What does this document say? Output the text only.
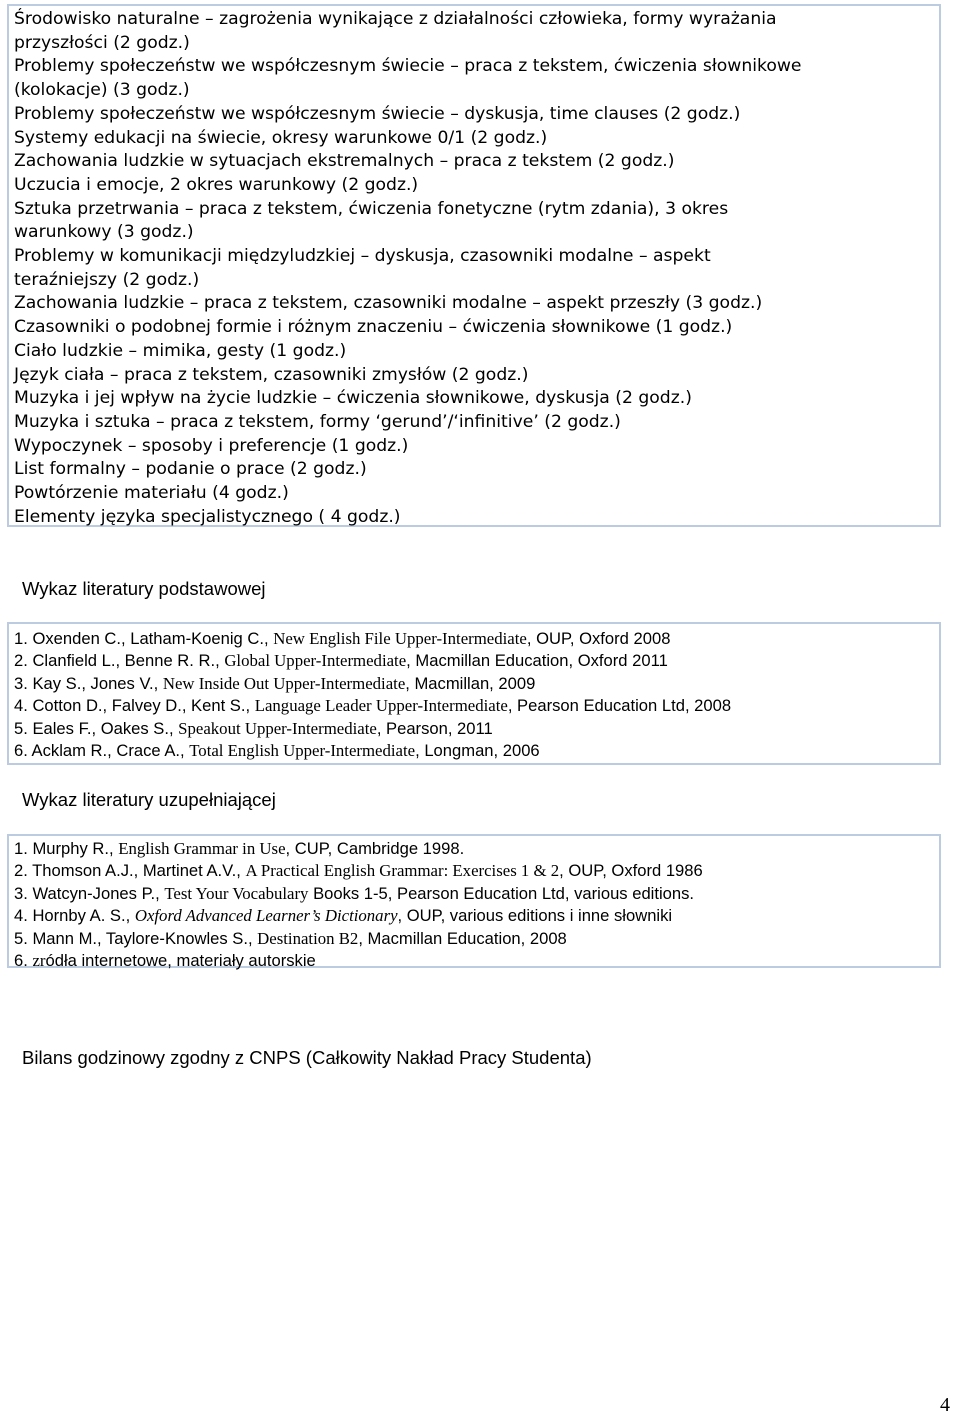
Środowisko naturalne – zagrożenia wynikające z działalności człowieka, formy wyrażania
przyszłości (2 godz.)
Problemy społeczeństw we współczesnym świecie – praca z tekstem, ćwiczenia słownikowe
(kolokacje) (3 godz.)
Problemy społeczeństw we współczesnym świecie – dyskusja, time clauses (2 godz.)
Systemy edukacji na świecie, okresy warunkowe 0/1 (2 godz.)
Zachowania ludzkie w sytuacjach ekstremalnych – praca z tekstem (2 godz.)
Uczucia i emocje, 2 okres warunkowy (2 godz.)
Sztuka przetrwania – praca z tekstem, ćwiczenia fonetyczne (rytm zdania), 3 okres
warunkowy (3 godz.)
Problemy w komunikacji międzyludzkiej – dyskusja, czasowniki modalne – aspekt
teraźniejszy (2 godz.)
Zachowania ludzkie – praca z tekstem, czasowniki modalne – aspekt przeszły (3 godz.)
Czasowniki o podobnej formie i różnym znaczeniu – ćwiczenia słownikowe (1 godz.)
Ciało ludzkie – mimika, gesty (1 godz.)
Język ciała – praca z tekstem, czasowniki zmysłów (2 godz.)
Muzyka i jej wpływ na życie ludzkie – ćwiczenia słownikowe, dyskusja (2 godz.)
Muzyka i sztuka – praca z tekstem, formy ‘gerund’/‘infinitive’ (2 godz.)
Wypoczynek – sposoby i preferencje (1 godz.)
List formalny – podanie o prace (2 godz.)
Powtórzenie materiału (4 godz.)
Elementy języka specjalistycznego ( 4 godz.)
Wykaz literatury podstawowej
1. Oxenden C., Latham-Koenig C., New English File Upper-Intermediate, OUP, Oxford 2008
2. Clanfield L., Benne R. R., Global Upper-Intermediate, Macmillan Education, Oxford 2011
3. Kay S., Jones V., New Inside Out Upper-Intermediate, Macmillan, 2009
4. Cotton D., Falvey D., Kent S., Language Leader Upper-Intermediate, Pearson Education Ltd, 2008
5. Eales F., Oakes S., Speakout Upper-Intermediate, Pearson, 2011
6. Acklam R., Crace A., Total English Upper-Intermediate, Longman, 2006
Wykaz literatury uzupełniającej
1. Murphy R., English Grammar in Use, CUP, Cambridge 1998.
2. Thomson A.J., Martinet A.V., A Practical English Grammar: Exercises 1 & 2, OUP, Oxford 1986
3. Watcyn-Jones P., Test Your Vocabulary Books 1-5, Pearson Education Ltd, various editions.
4. Hornby A. S., Oxford Advanced Learner’s Dictionary, OUP, various editions i inne słowniki
5. Mann M., Taylore-Knowles S., Destination B2, Macmillan Education, 2008
6. zródła internetowe, materiały autorskie
Bilans godzinowy zgodny z CNPS (Całkowity Nakład Pracy Studenta)
4
